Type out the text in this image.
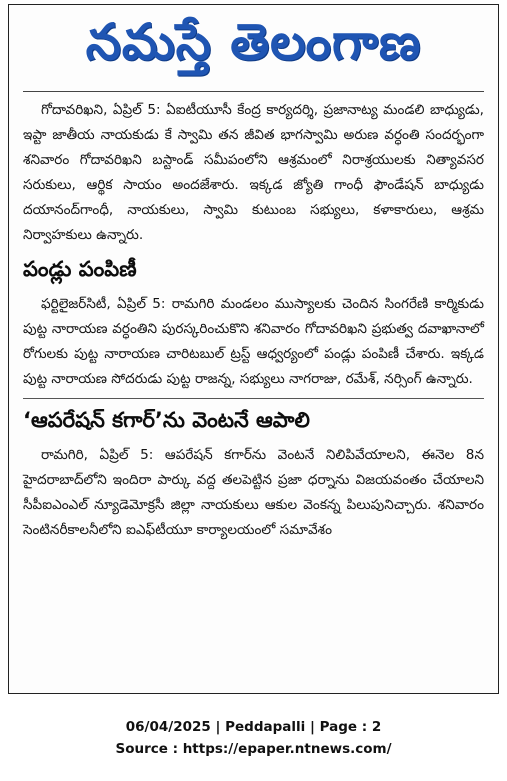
నమస్తే తెలంగాణ

గోదావరిఖని, ఏప్రిల్ 5: ఏఐటీయూసీ కేంద్ర కార్యదర్శి, ప్రజానాట్య మండలి బాధ్యుడు, ఇప్టా జాతీయ నాయకుడు కే స్వామి తన జీవిత భాగస్వామి అరుణ వర్ధంతి సందర్భంగా శనివారం గోదావరిఖని బస్టాండ్ సమీపంలోని ఆశ్రమంలో నిరాశ్రయులకు నిత్యావసర సరుకులు, ఆర్థిక సాయం అందజేశారు. ఇక్కడ జ్యోతి గాంధీ ఫౌండేషన్ బాధ్యుడు దయానంద్‌గాంధీ, నాయకులు, స్వామి కుటుంబ సభ్యులు, కళాకారులు, ఆశ్రమ నిర్వాహకులు ఉన్నారు.

పండ్లు పంపిణీ

ఫర్టిలైజర్‌సిటీ, ఏప్రిల్ 5: రామగిరి మండలం ముస్యాలకు చెందిన సింగరేణి కార్మికుడు పుట్ట నారాయణ వర్ధంతిని పురస్కరించుకొని శనివారం గోదావరిఖని ప్రభుత్వ దవాఖానాలో రోగులకు పుట్ట నారాయణ చారిటబుల్ ట్రస్ట్ ఆధ్వర్యంలో పండ్లు పంపిణీ చేశారు. ఇక్కడ పుట్ట నారాయణ సోదరుడు పుట్ట రాజన్న, సభ్యులు నాగరాజు, రమేశ్, నర్సింగ్ ఉన్నారు.

‘ఆపరేషన్ కగార్’ను వెంటనే ఆపాలి

రామగిరి, ఏప్రిల్ 5: ఆపరేషన్ కగార్‌ను వెంటనే నిలిపివేయాలని, ఈనెల 8న హైదరాబాద్‌లోని ఇందిరా పార్కు వద్ద తలపెట్టిన ప్రజా ధర్నాను విజయవంతం చేయాలని సీపీఐఎంఎల్ న్యూడెమోక్రసీ జిల్లా నాయకులు ఆకుల వెంకన్న పిలుపునిచ్చారు. శనివారం సెంటినరీకాలనీలోని ఐఎఫ్‌టీయూ కార్యాలయంలో సమావేశం

06/04/2025 | Peddapalli | Page : 2
Source : https://epaper.ntnews.com/
